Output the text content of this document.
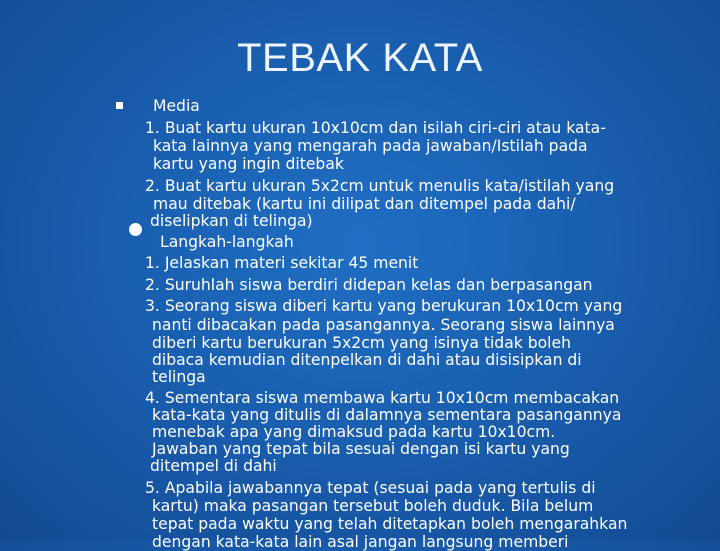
TEBAK KATA
Media
1. Buat kartu ukuran 10x10cm dan isilah ciri-ciri atau kata-
kata lainnya yang mengarah pada jawaban/Istilah pada
kartu yang ingin ditebak
2. Buat kartu ukuran 5x2cm untuk menulis kata/istilah yang
mau ditebak (kartu ini dilipat dan ditempel pada dahi/
diselipkan di telinga)
Langkah-langkah
1. Jelaskan materi sekitar 45 menit
2. Suruhlah siswa berdiri didepan kelas dan berpasangan
3. Seorang siswa diberi kartu yang berukuran 10x10cm yang
nanti dibacakan pada pasangannya. Seorang siswa lainnya
diberi kartu berukuran 5x2cm yang isinya tidak boleh
dibaca kemudian ditenpelkan di dahi atau disisipkan di
telinga
4. Sementara siswa membawa kartu 10x10cm membacakan
kata-kata yang ditulis di dalamnya sementara pasangannya
menebak apa yang dimaksud pada kartu 10x10cm.
Jawaban yang tepat bila sesuai dengan isi kartu yang
ditempel di dahi
5. Apabila jawabannya tepat (sesuai pada yang tertulis di
kartu) maka pasangan tersebut boleh duduk. Bila belum
tepat pada waktu yang telah ditetapkan boleh mengarahkan
dengan kata-kata lain asal jangan langsung memberi
